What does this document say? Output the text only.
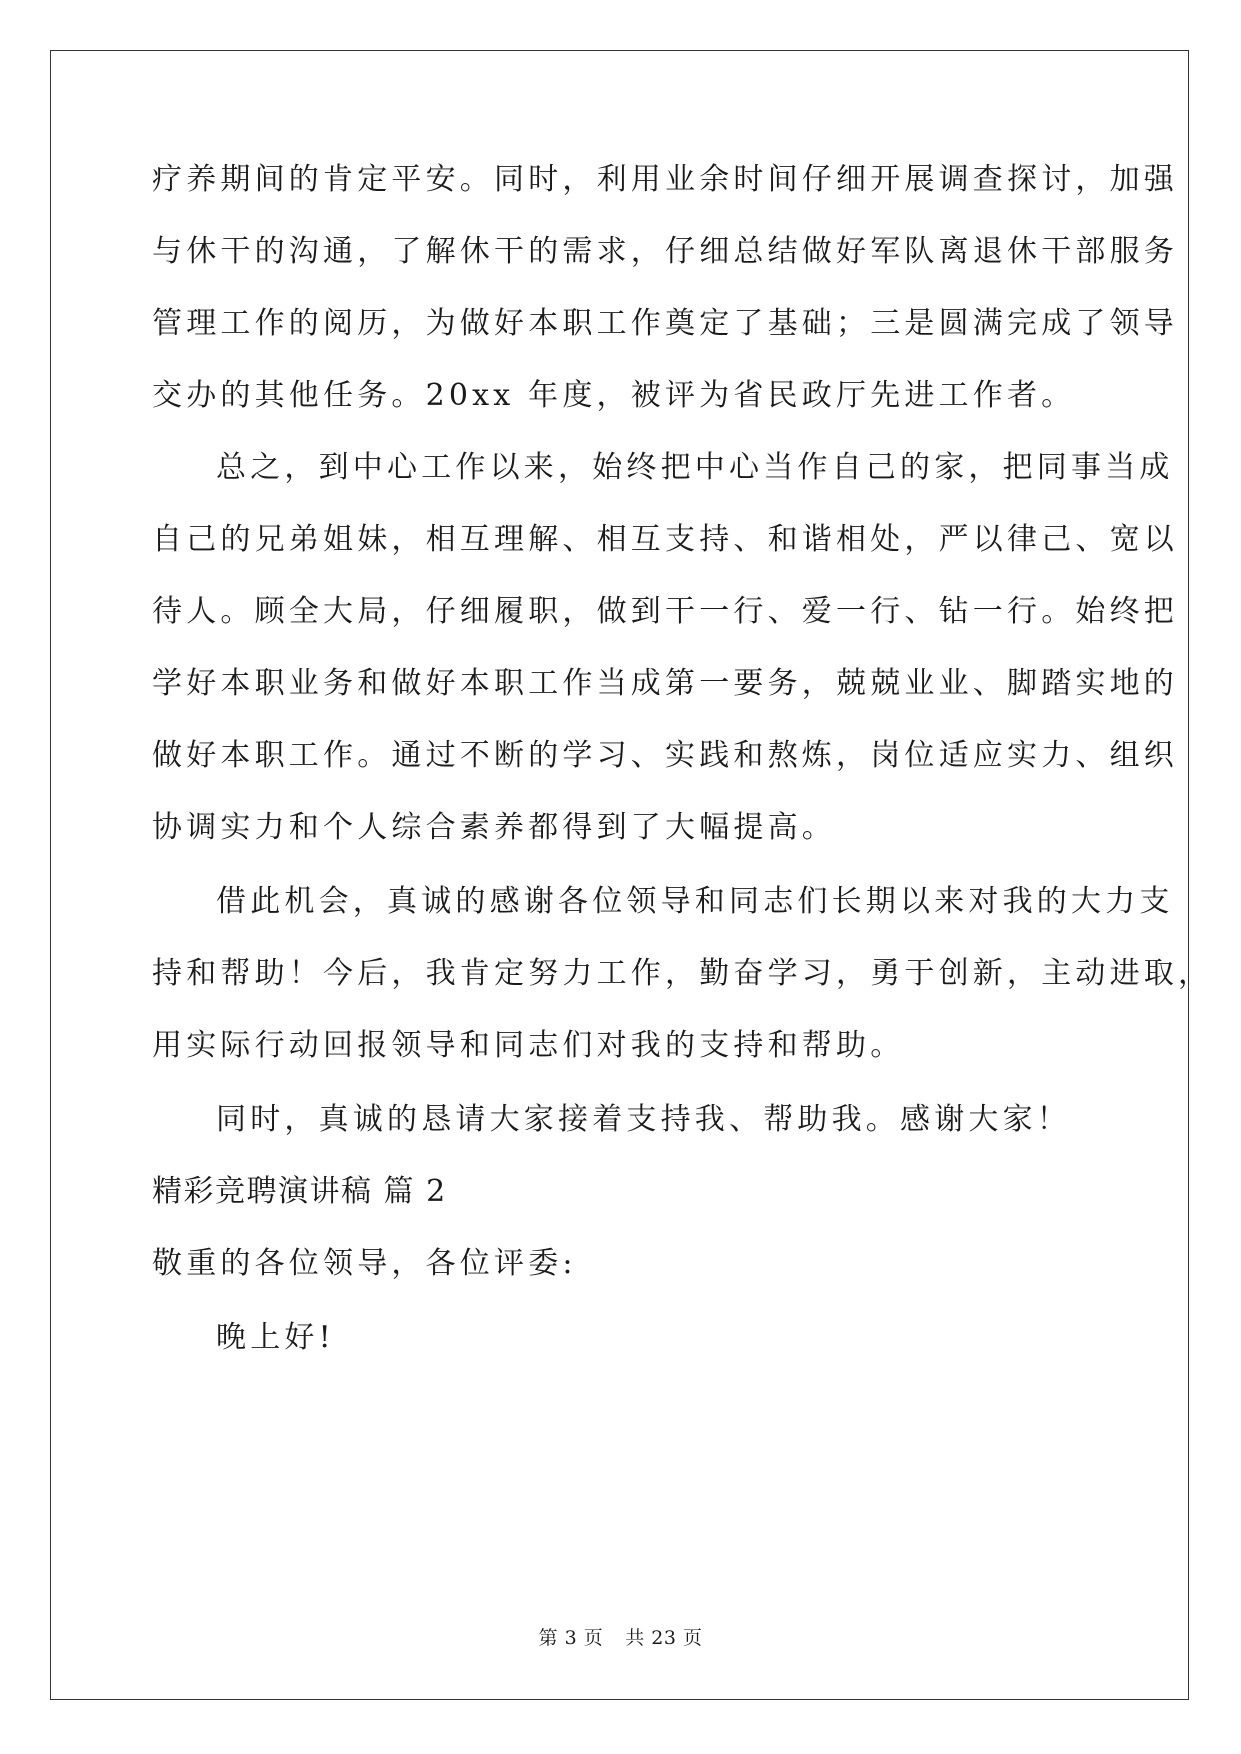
疗养期间的肯定平安。同时，利用业余时间仔细开展调查探讨，加强
与休干的沟通，了解休干的需求，仔细总结做好军队离退休干部服务
管理工作的阅历，为做好本职工作奠定了基础；三是圆满完成了领导
交办的其他任务。20xx 年度，被评为省民政厅先进工作者。
总之，到中心工作以来，始终把中心当作自己的家，把同事当成
自己的兄弟姐妹，相互理解、相互支持、和谐相处，严以律己、宽以
待人。顾全大局，仔细履职，做到干一行、爱一行、钻一行。始终把
学好本职业务和做好本职工作当成第一要务，兢兢业业、脚踏实地的
做好本职工作。通过不断的学习、实践和熬炼，岗位适应实力、组织
协调实力和个人综合素养都得到了大幅提高。
借此机会，真诚的感谢各位领导和同志们长期以来对我的大力支
持和帮助！今后，我肯定努力工作，勤奋学习，勇于创新，主动进取，
用实际行动回报领导和同志们对我的支持和帮助。
同时，真诚的恳请大家接着支持我、帮助我。感谢大家！
精彩竞聘演讲稿 篇 2
敬重的各位领导，各位评委:
晚上好!
第 3 页 共 23 页
